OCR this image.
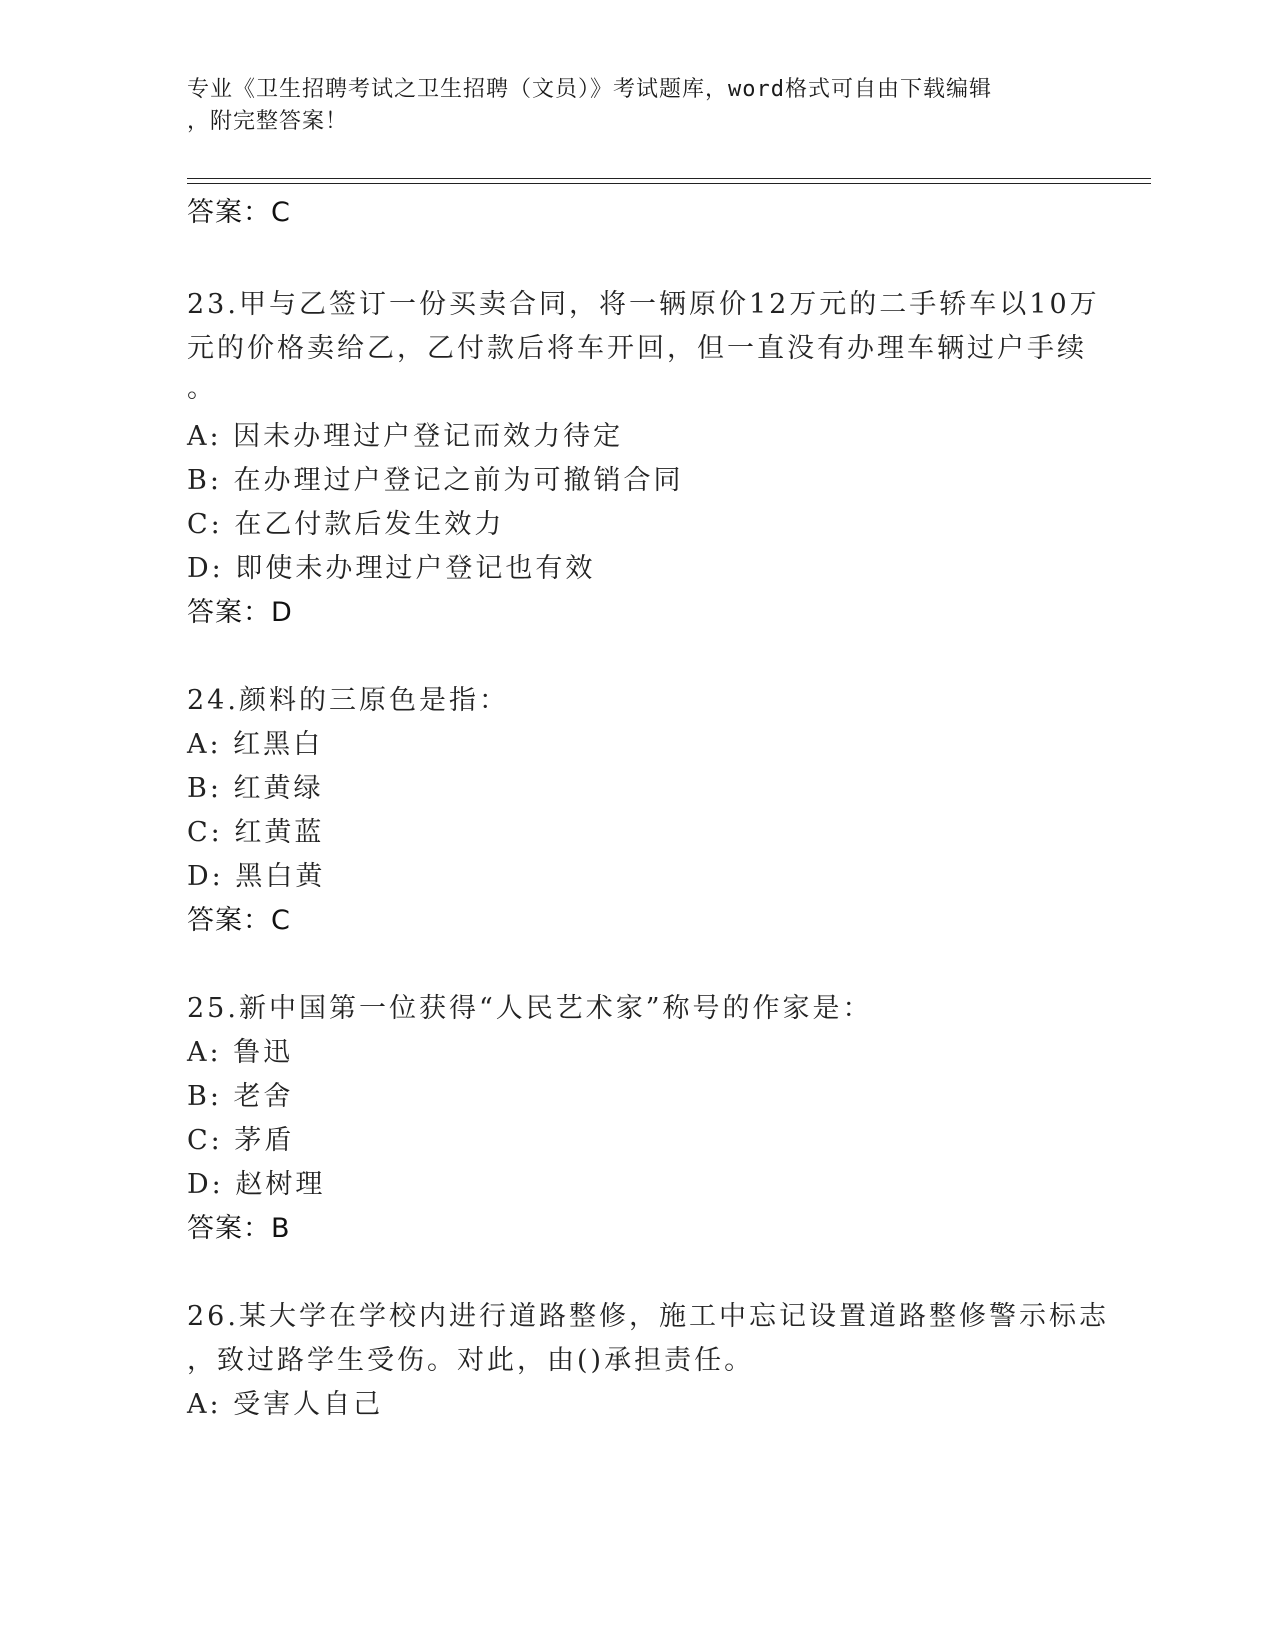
专业《卫生招聘考试之卫生招聘（文员）》考试题库，word格式可自由下载编辑
，附完整答案！
答案：C
23.甲与乙签订一份买卖合同，将一辆原价12万元的二手轿车以10万
元的价格卖给乙，乙付款后将车开回，但一直没有办理车辆过户手续
。
A: 因未办理过户登记而效力待定
B: 在办理过户登记之前为可撤销合同
C: 在乙付款后发生效力
D: 即使未办理过户登记也有效
答案：D
24.颜料的三原色是指：
A: 红黑白
B: 红黄绿
C: 红黄蓝
D: 黑白黄
答案：C
25.新中国第一位获得“人民艺术家”称号的作家是：
A: 鲁迅
B: 老舍
C: 茅盾
D: 赵树理
答案：B
26.某大学在学校内进行道路整修，施工中忘记设置道路整修警示标志
，致过路学生受伤。对此，由()承担责任。
A: 受害人自己
